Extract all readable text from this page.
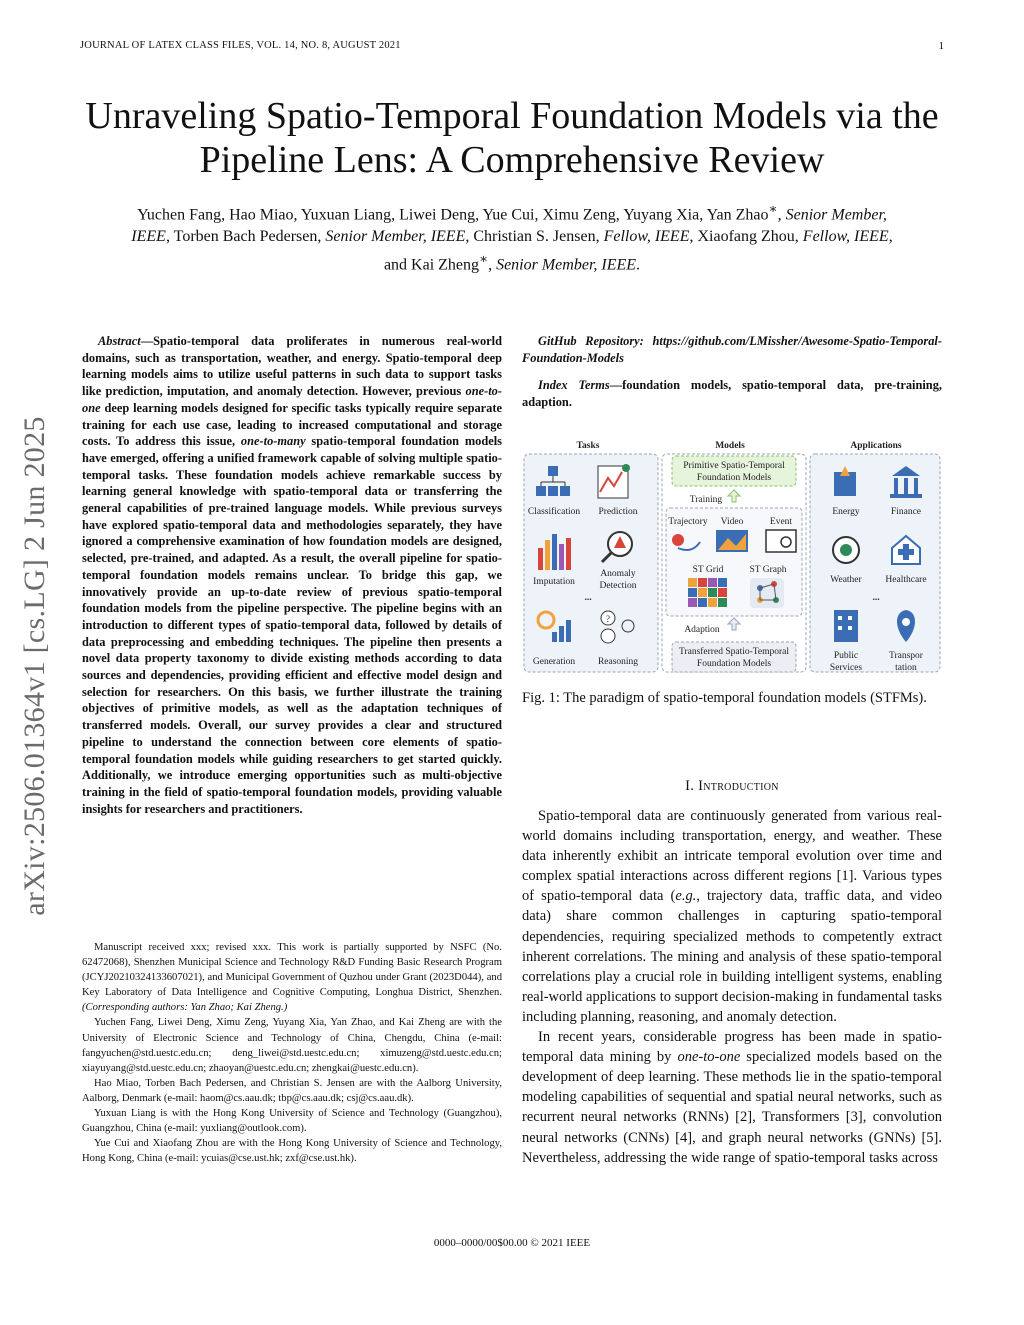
JOURNAL OF LATEX CLASS FILES, VOL. 14, NO. 8, AUGUST 2021	1
arXiv:2506.01364v1 [cs.LG] 2 Jun 2025
Unraveling Spatio-Temporal Foundation Models via the Pipeline Lens: A Comprehensive Review
Yuchen Fang, Hao Miao, Yuxuan Liang, Liwei Deng, Yue Cui, Ximu Zeng, Yuyang Xia, Yan Zhao∗, Senior Member, IEEE, Torben Bach Pedersen, Senior Member, IEEE, Christian S. Jensen, Fellow, IEEE, Xiaofang Zhou, Fellow, IEEE, and Kai Zheng∗, Senior Member, IEEE.
Abstract—Spatio-temporal data proliferates in numerous real-world domains, such as transportation, weather, and energy. Spatio-temporal deep learning models aims to utilize useful patterns in such data to support tasks like prediction, imputation, and anomaly detection. However, previous one-to-one deep learning models designed for specific tasks typically require separate training for each use case, leading to increased computational and storage costs. To address this issue, one-to-many spatio-temporal foundation models have emerged, offering a unified framework capable of solving multiple spatio-temporal tasks. These foundation models achieve remarkable success by learning general knowledge with spatio-temporal data or transferring the general capabilities of pre-trained language models. While previous surveys have explored spatio-temporal data and methodologies separately, they have ignored a comprehensive examination of how foundation models are designed, selected, pre-trained, and adapted. As a result, the overall pipeline for spatio-temporal foundation models remains unclear. To bridge this gap, we innovatively provide an up-to-date review of previous spatio-temporal foundation models from the pipeline perspective. The pipeline begins with an introduction to different types of spatio-temporal data, followed by details of data preprocessing and embedding techniques. The pipeline then presents a novel data property taxonomy to divide existing methods according to data sources and dependencies, providing efficient and effective model design and selection for researchers. On this basis, we further illustrate the training objectives of primitive models, as well as the adaptation techniques of transferred models. Overall, our survey provides a clear and structured pipeline to understand the connection between core elements of spatio-temporal foundation models while guiding researchers to get started quickly. Additionally, we introduce emerging opportunities such as multi-objective training in the field of spatio-temporal foundation models, providing valuable insights for researchers and practitioners.

Manuscript received xxx; revised xxx. This work is partially supported by NSFC (No. 62472068), Shenzhen Municipal Science and Technology R&D Funding Basic Research Program (JCYJ20210324133607021), and Municipal Government of Quzhou under Grant (2023D044), and Key Laboratory of Data Intelligence and Cognitive Computing, Longhua District, Shenzhen. (Corresponding authors: Yan Zhao; Kai Zheng.)

Yuchen Fang, Liwei Deng, Ximu Zeng, Yuyang Xia, Yan Zhao, and Kai Zheng are with the University of Electronic Science and Technology of China, Chengdu, China (e-mail: fangyuchen@std.uestc.edu.cn; deng_liwei@std.uestc.edu.cn; ximuzeng@std.uestc.edu.cn; xiayuyang@std.uestc.edu.cn; zhaoyan@uestc.edu.cn; zhengkai@uestc.edu.cn).

Hao Miao, Torben Bach Pedersen, and Christian S. Jensen are with the Aalborg University, Aalborg, Denmark (e-mail: haom@cs.aau.dk; tbp@cs.aau.dk; csj@cs.aau.dk).

Yuxuan Liang is with the Hong Kong University of Science and Technology (Guangzhou), Guangzhou, China (e-mail: yuxliang@outlook.com).

Yue Cui and Xiaofang Zhou are with the Hong Kong University of Science and Technology, Hong Kong, China (e-mail: ycuias@cse.ust.hk; zxf@cse.ust.hk).

GitHub Repository: https://github.com/LMissher/Awesome-Spatio-Temporal-Foundation-Models
Index Terms—foundation models, spatio-temporal data, pre-training, adaption.
Tasks	Models	Applications
Classification Prediction
Imputation
Anomaly
Detection
...
Generation
?
Reasoning
Primitive Spatio-Temporal
Foundation Models
Training
Trajectory Video	Event
ST Grid	ST Graph
Adaption
Transferred Spatio-Temporal
Foundation Models
Energy	Finance
Weather Healthcare
...
Public
Services
Transpor
tation
Fig. 1: The paradigm of spatio-temporal foundation models (STFMs).
I. Introduction

Spatio-temporal data are continuously generated from various real-world domains including transportation, energy, and weather. These data inherently exhibit an intricate temporal evolution over time and complex spatial interactions across different regions [1]. Various types of spatio-temporal data (e.g., trajectory data, traffic data, and video data) share common challenges in capturing spatio-temporal dependencies, requiring specialized methods to competently extract inherent correlations. The mining and analysis of these spatio-temporal correlations play a crucial role in building intelligent systems, enabling real-world applications to support decision-making in fundamental tasks including planning, reasoning, and anomaly detection.

In recent years, considerable progress has been made in spatio-temporal data mining by one-to-one specialized models based on the development of deep learning. These methods lie in the spatio-temporal modeling capabilities of sequential and spatial neural networks, such as recurrent neural networks (RNNs) [2], Transformers [3], convolution neural networks (CNNs) [4], and graph neural networks (GNNs) [5]. Nevertheless, addressing the wide range of spatio-temporal tasks across

0000–0000/00$00.00 © 2021 IEEE
